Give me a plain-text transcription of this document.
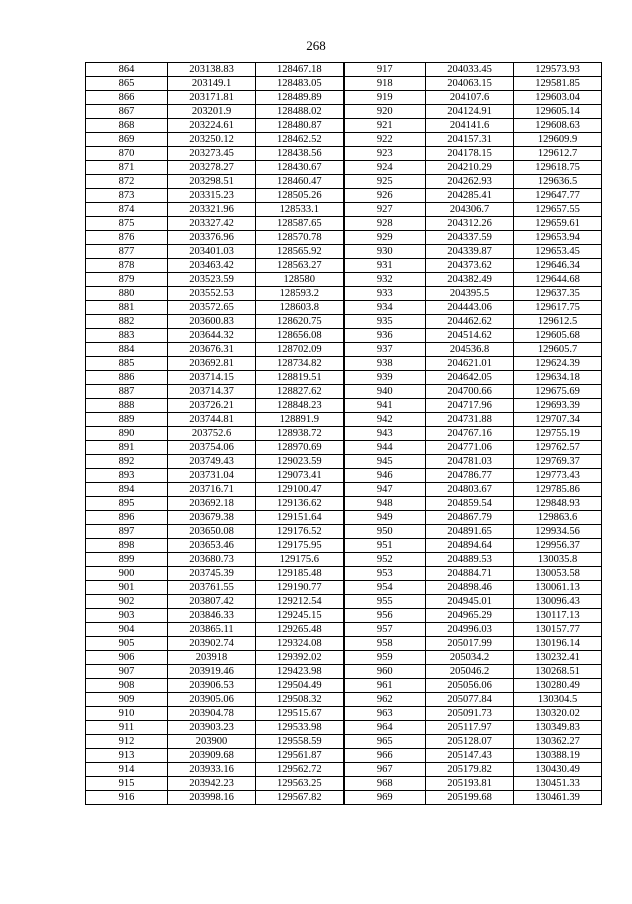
268
864	203138.83	128467.18	917	204033.45	129573.93
865	203149.1	128483.05	918	204063.15	129581.85
866	203171.81	128489.89	919	204107.6	129603.04
867	203201.9	128488.02	920	204124.91	129605.14
868	203224.61	128480.87	921	204141.6	129608.63
869	203250.12	128462.52	922	204157.31	129609.9
870	203273.45	128438.56	923	204178.15	129612.7
871	203278.27	128430.67	924	204210.29	129618.75
872	203298.51	128460.47	925	204262.93	129636.5
873	203315.23	128505.26	926	204285.41	129647.77
874	203321.96	128533.1	927	204306.7	129657.55
875	203327.42	128587.65	928	204312.26	129659.61
876	203376.96	128570.78	929	204337.59	129653.94
877	203401.03	128565.92	930	204339.87	129653.45
878	203463.42	128563.27	931	204373.62	129646.34
879	203523.59	128580	932	204382.49	129644.68
880	203552.53	128593.2	933	204395.5	129637.35
881	203572.65	128603.8	934	204443.06	129617.75
882	203600.83	128620.75	935	204462.62	129612.5
883	203644.32	128656.08	936	204514.62	129605.68
884	203676.31	128702.09	937	204536.8	129605.7
885	203692.81	128734.82	938	204621.01	129624.39
886	203714.15	128819.51	939	204642.05	129634.18
887	203714.37	128827.62	940	204700.66	129675.69
888	203726.21	128848.23	941	204717.96	129693.39
889	203744.81	128891.9	942	204731.88	129707.34
890	203752.6	128938.72	943	204767.16	129755.19
891	203754.06	128970.69	944	204771.06	129762.57
892	203749.43	129023.59	945	204781.03	129769.37
893	203731.04	129073.41	946	204786.77	129773.43
894	203716.71	129100.47	947	204803.67	129785.86
895	203692.18	129136.62	948	204859.54	129848.93
896	203679.38	129151.64	949	204867.79	129863.6
897	203650.08	129176.52	950	204891.65	129934.56
898	203653.46	129175.95	951	204894.64	129956.37
899	203680.73	129175.6	952	204889.53	130035.8
900	203745.39	129185.48	953	204884.71	130053.58
901	203761.55	129190.77	954	204898.46	130061.13
902	203807.42	129212.54	955	204945.01	130096.43
903	203846.33	129245.15	956	204965.29	130117.13
904	203865.11	129265.48	957	204996.03	130157.77
905	203902.74	129324.08	958	205017.99	130196.14
906	203918	129392.02	959	205034.2	130232.41
907	203919.46	129423.98	960	205046.2	130268.51
908	203906.53	129504.49	961	205056.06	130280.49
909	203905.06	129508.32	962	205077.84	130304.5
910	203904.78	129515.67	963	205091.73	130320.02
911	203903.23	129533.98	964	205117.97	130349.83
912	203900	129558.59	965	205128.07	130362.27
913	203909.68	129561.87	966	205147.43	130388.19
914	203933.16	129562.72	967	205179.82	130430.49
915	203942.23	129563.25	968	205193.81	130451.33
916	203998.16	129567.82	969	205199.68	130461.39
